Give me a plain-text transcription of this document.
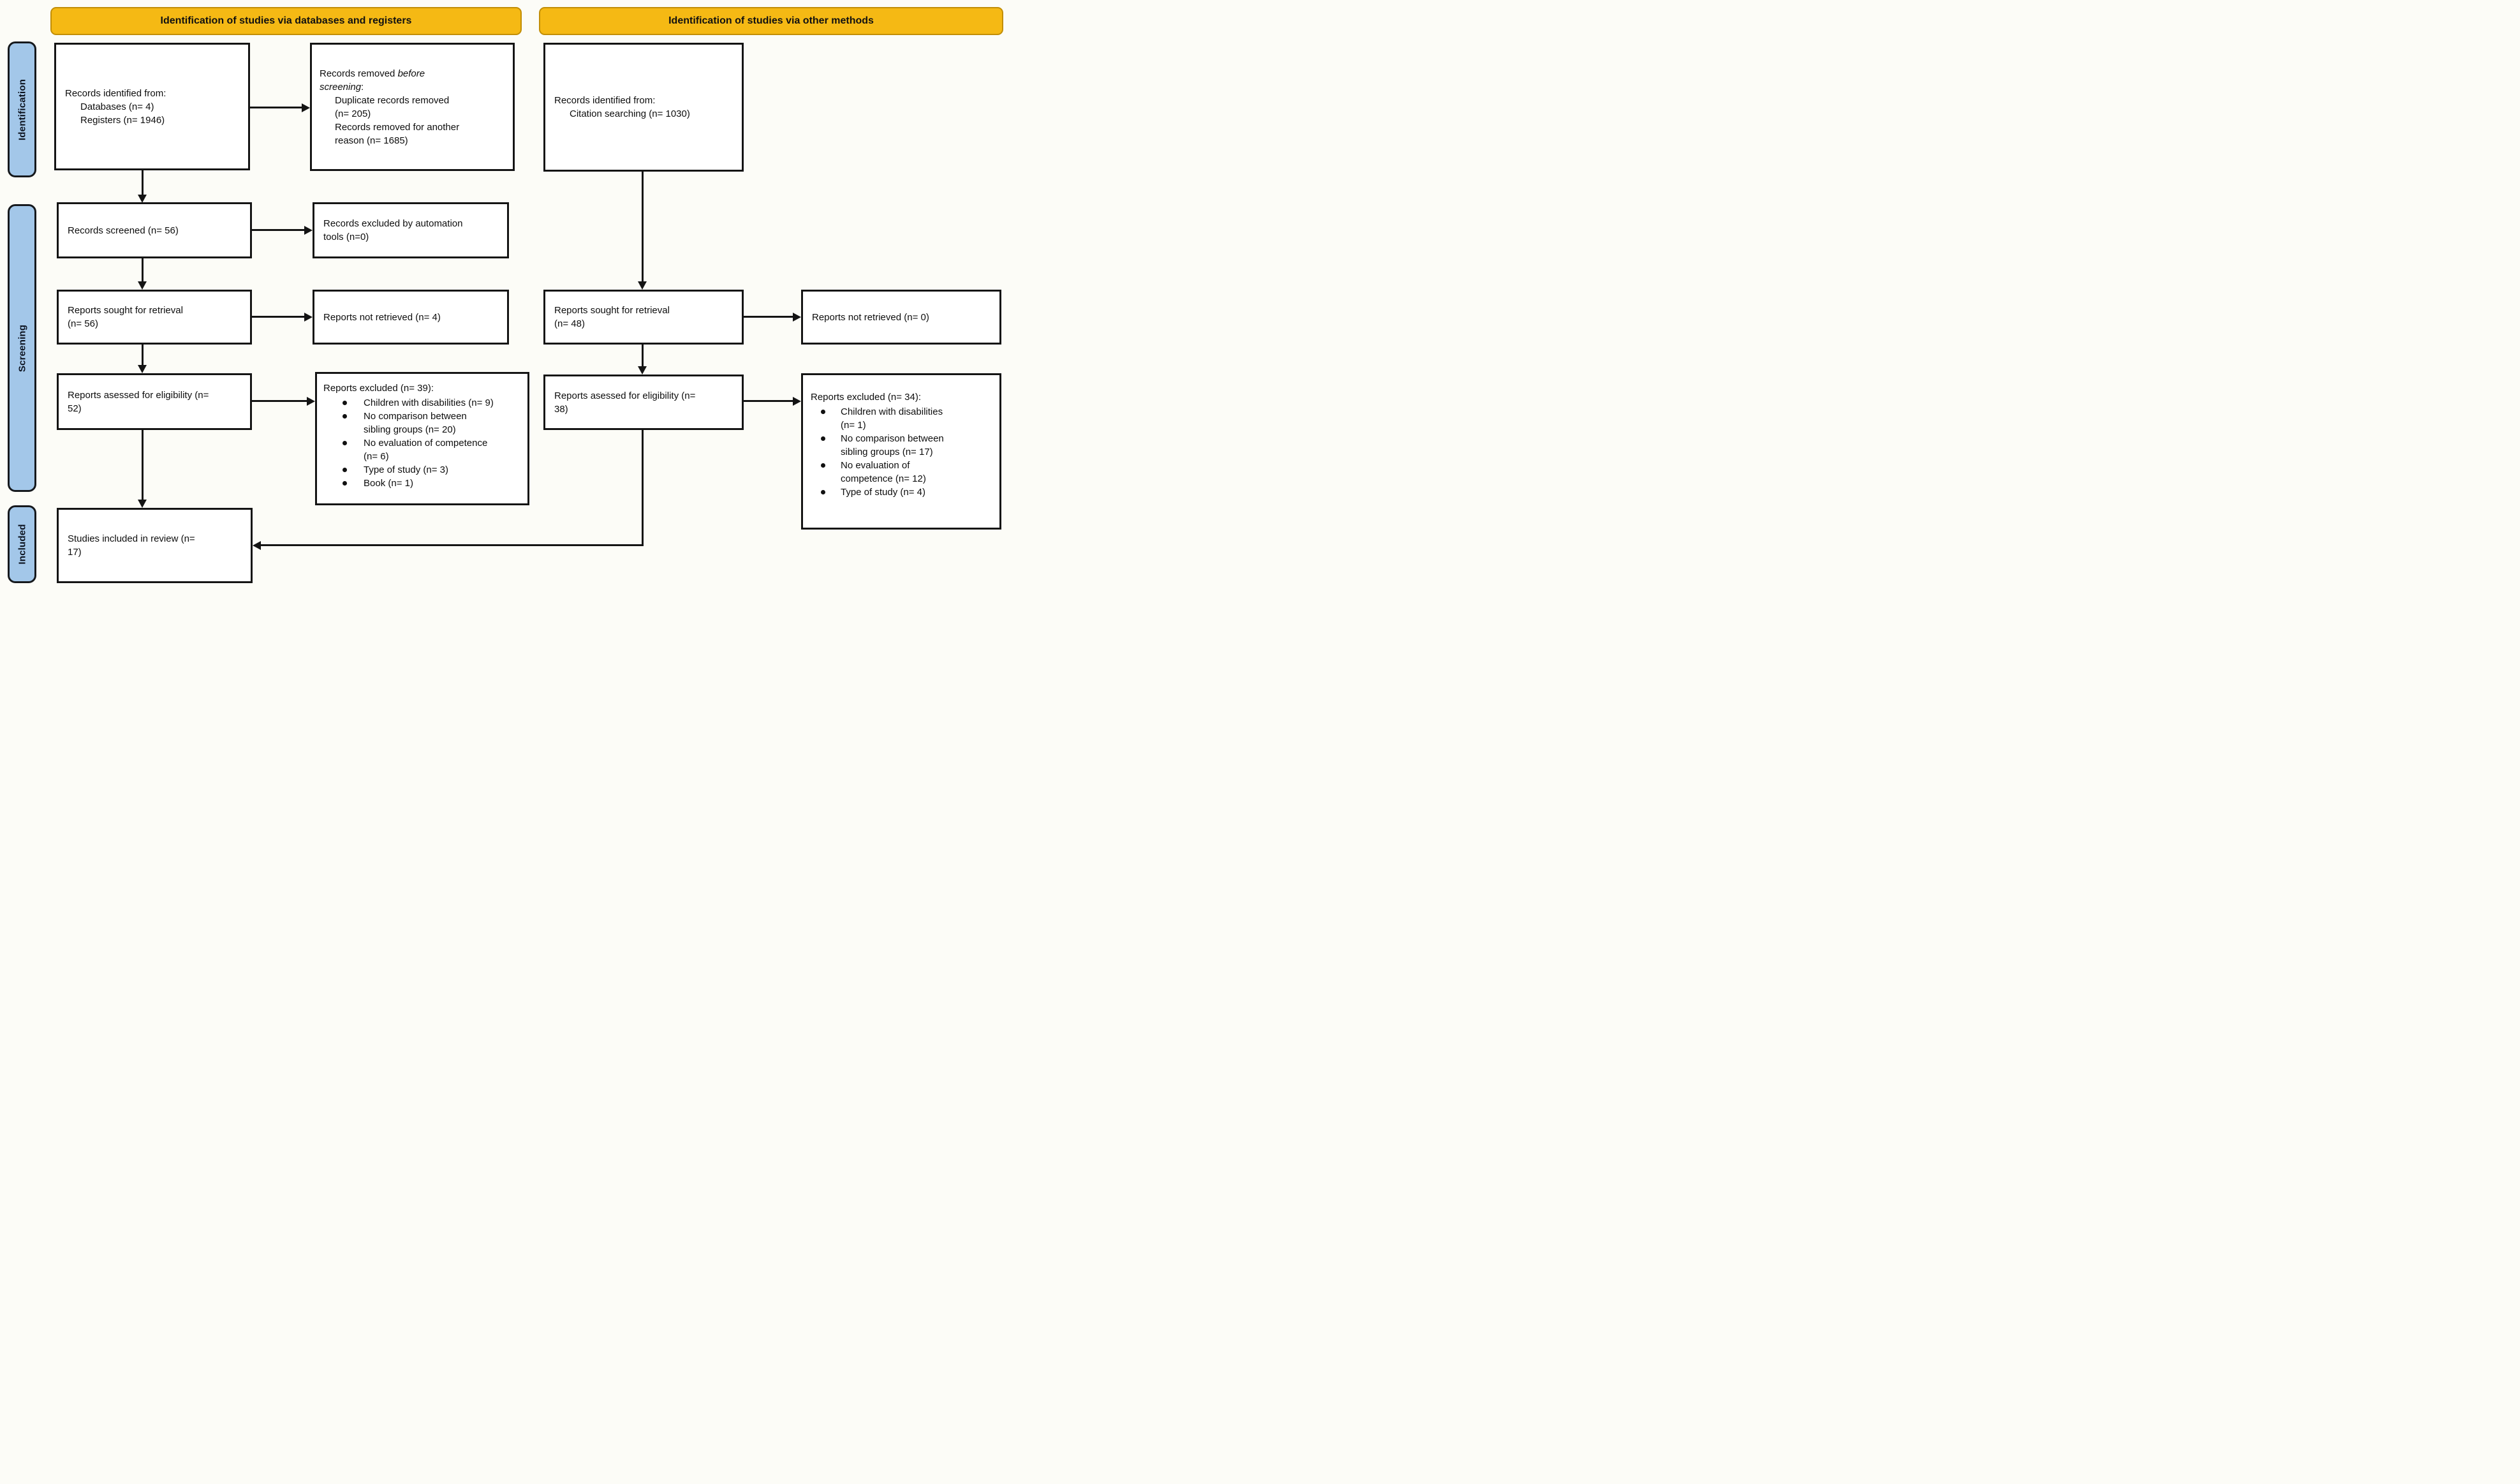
Identification of studies via databases and registers	Identification of studies via other methods
Identification
Screening
Included
Records identified from:
Databases (n= 4)
Registers (n= 1946)
Records removed before screening:
Duplicate records removed (n= 205)
Records removed for another reason (n= 1685)
Records identified from:
Citation searching (n= 1030)
Records screened (n= 56)
Records excluded by automation tools (n=0)
Reports sought for retrieval (n= 56)
Reports not retrieved (n= 4)
Reports sought for retrieval (n= 48)
Reports not retrieved (n= 0)
Reports asessed for eligibility (n= 52)
Reports excluded (n= 39):
Children with disabilities (n= 9)
No comparison between sibling groups (n= 20)
No evaluation of competence (n= 6)
Type of study (n= 3)
Book (n= 1)
Reports asessed for eligibility (n= 38)
Reports excluded (n= 34):
Children with disabilities (n= 1)
No comparison between sibling groups (n= 17)
No evaluation of competence (n= 12)
Type of study (n= 4)
Studies included in review (n= 17)
